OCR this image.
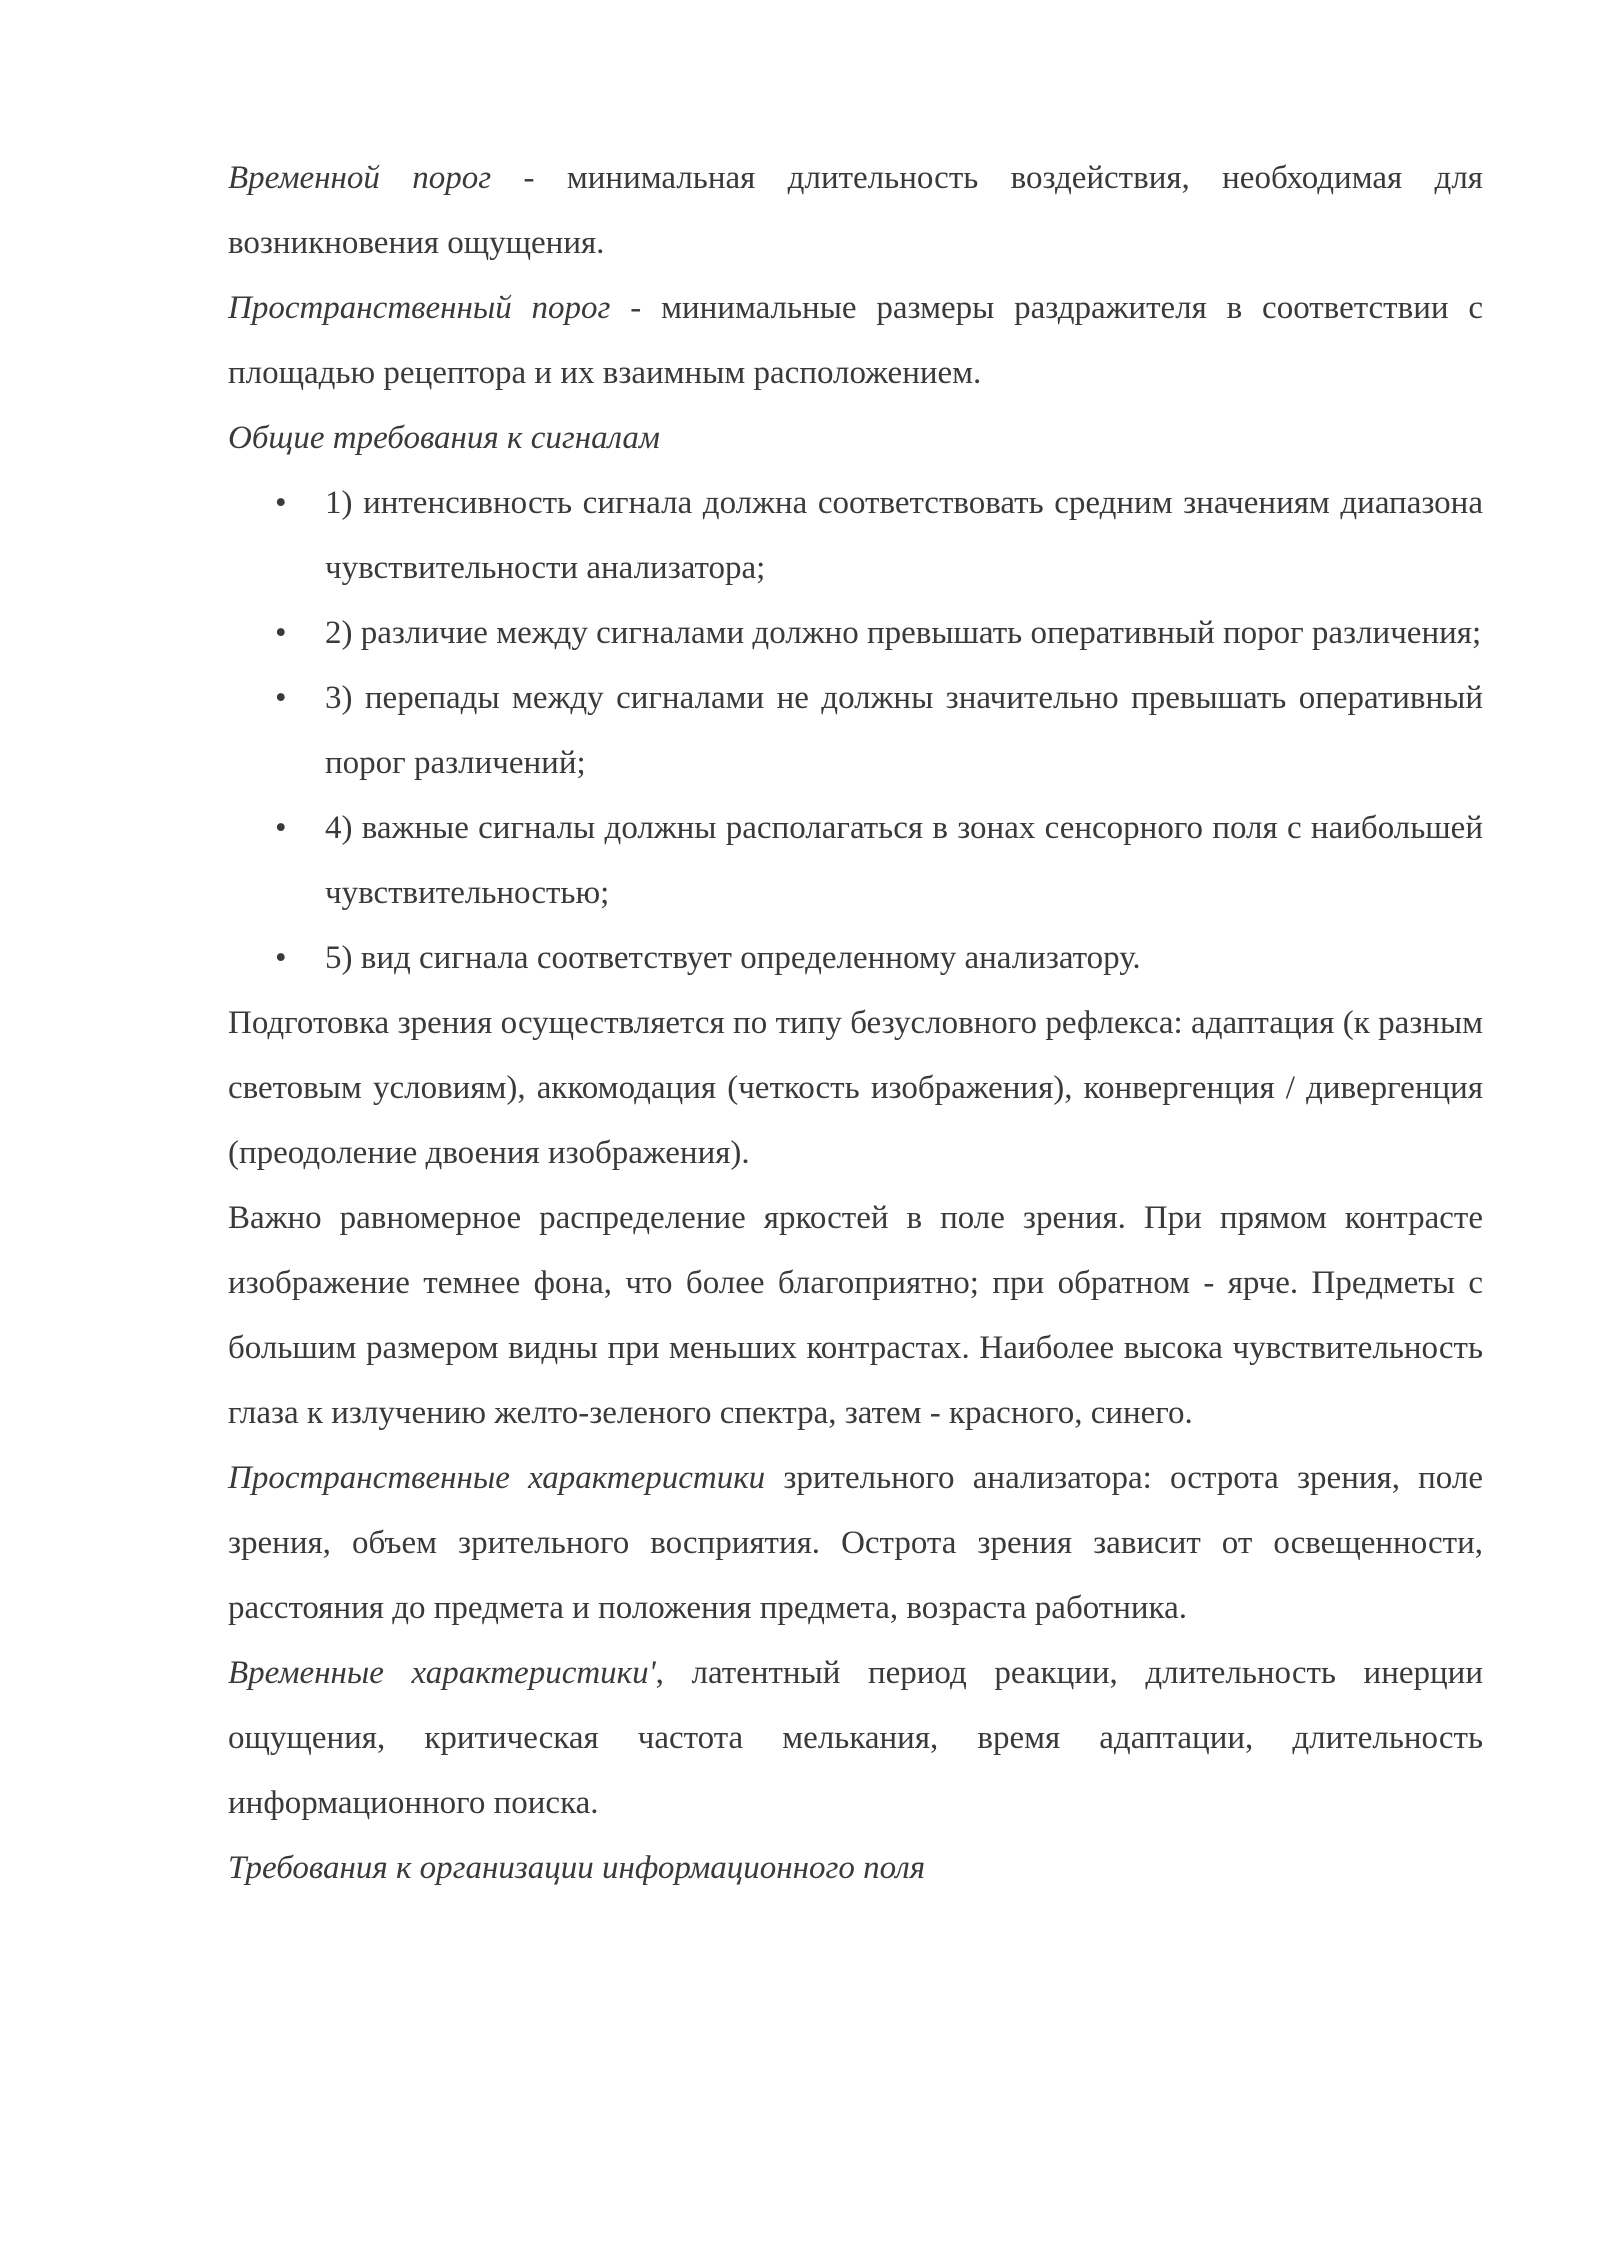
Временной порог - минимальная длительность воздействия, необходимая для возникновения ощущения.

Пространственный порог - минимальные размеры раздражителя в соответствии с площадью рецептора и их взаимным расположением.

Общие требования к сигналам

• 1) интенсивность сигнала должна соответствовать средним значениям диапазона чувствительности анализатора;
• 2) различие между сигналами должно превышать оперативный порог различения;
• 3) перепады между сигналами не должны значительно превышать оперативный порог различений;
• 4) важные сигналы должны располагаться в зонах сенсорного поля с наибольшей чувствительностью;
• 5) вид сигнала соответствует определенному анализатору.

Подготовка зрения осуществляется по типу безусловного рефлекса: адаптация (к разным световым условиям), аккомодация (четкость изображения), конвергенция / дивергенция (преодоление двоения изображения).

Важно равномерное распределение яркостей в поле зрения. При прямом контрасте изображение темнее фона, что более благоприятно; при обратном - ярче. Предметы с большим размером видны при меньших контрастах. Наиболее высока чувствительность глаза к излучению желто-зеленого спектра, затем - красного, синего.

Пространственные характеристики зрительного анализатора: острота зрения, поле зрения, объем зрительного восприятия. Острота зрения зависит от освещенности, расстояния до предмета и положения предмета, возраста работника.

Временные характеристики', латентный период реакции, длительность инерции ощущения, критическая частота мелькания, время адаптации, длительность информационного поиска.

Требования к организации информационного поля
